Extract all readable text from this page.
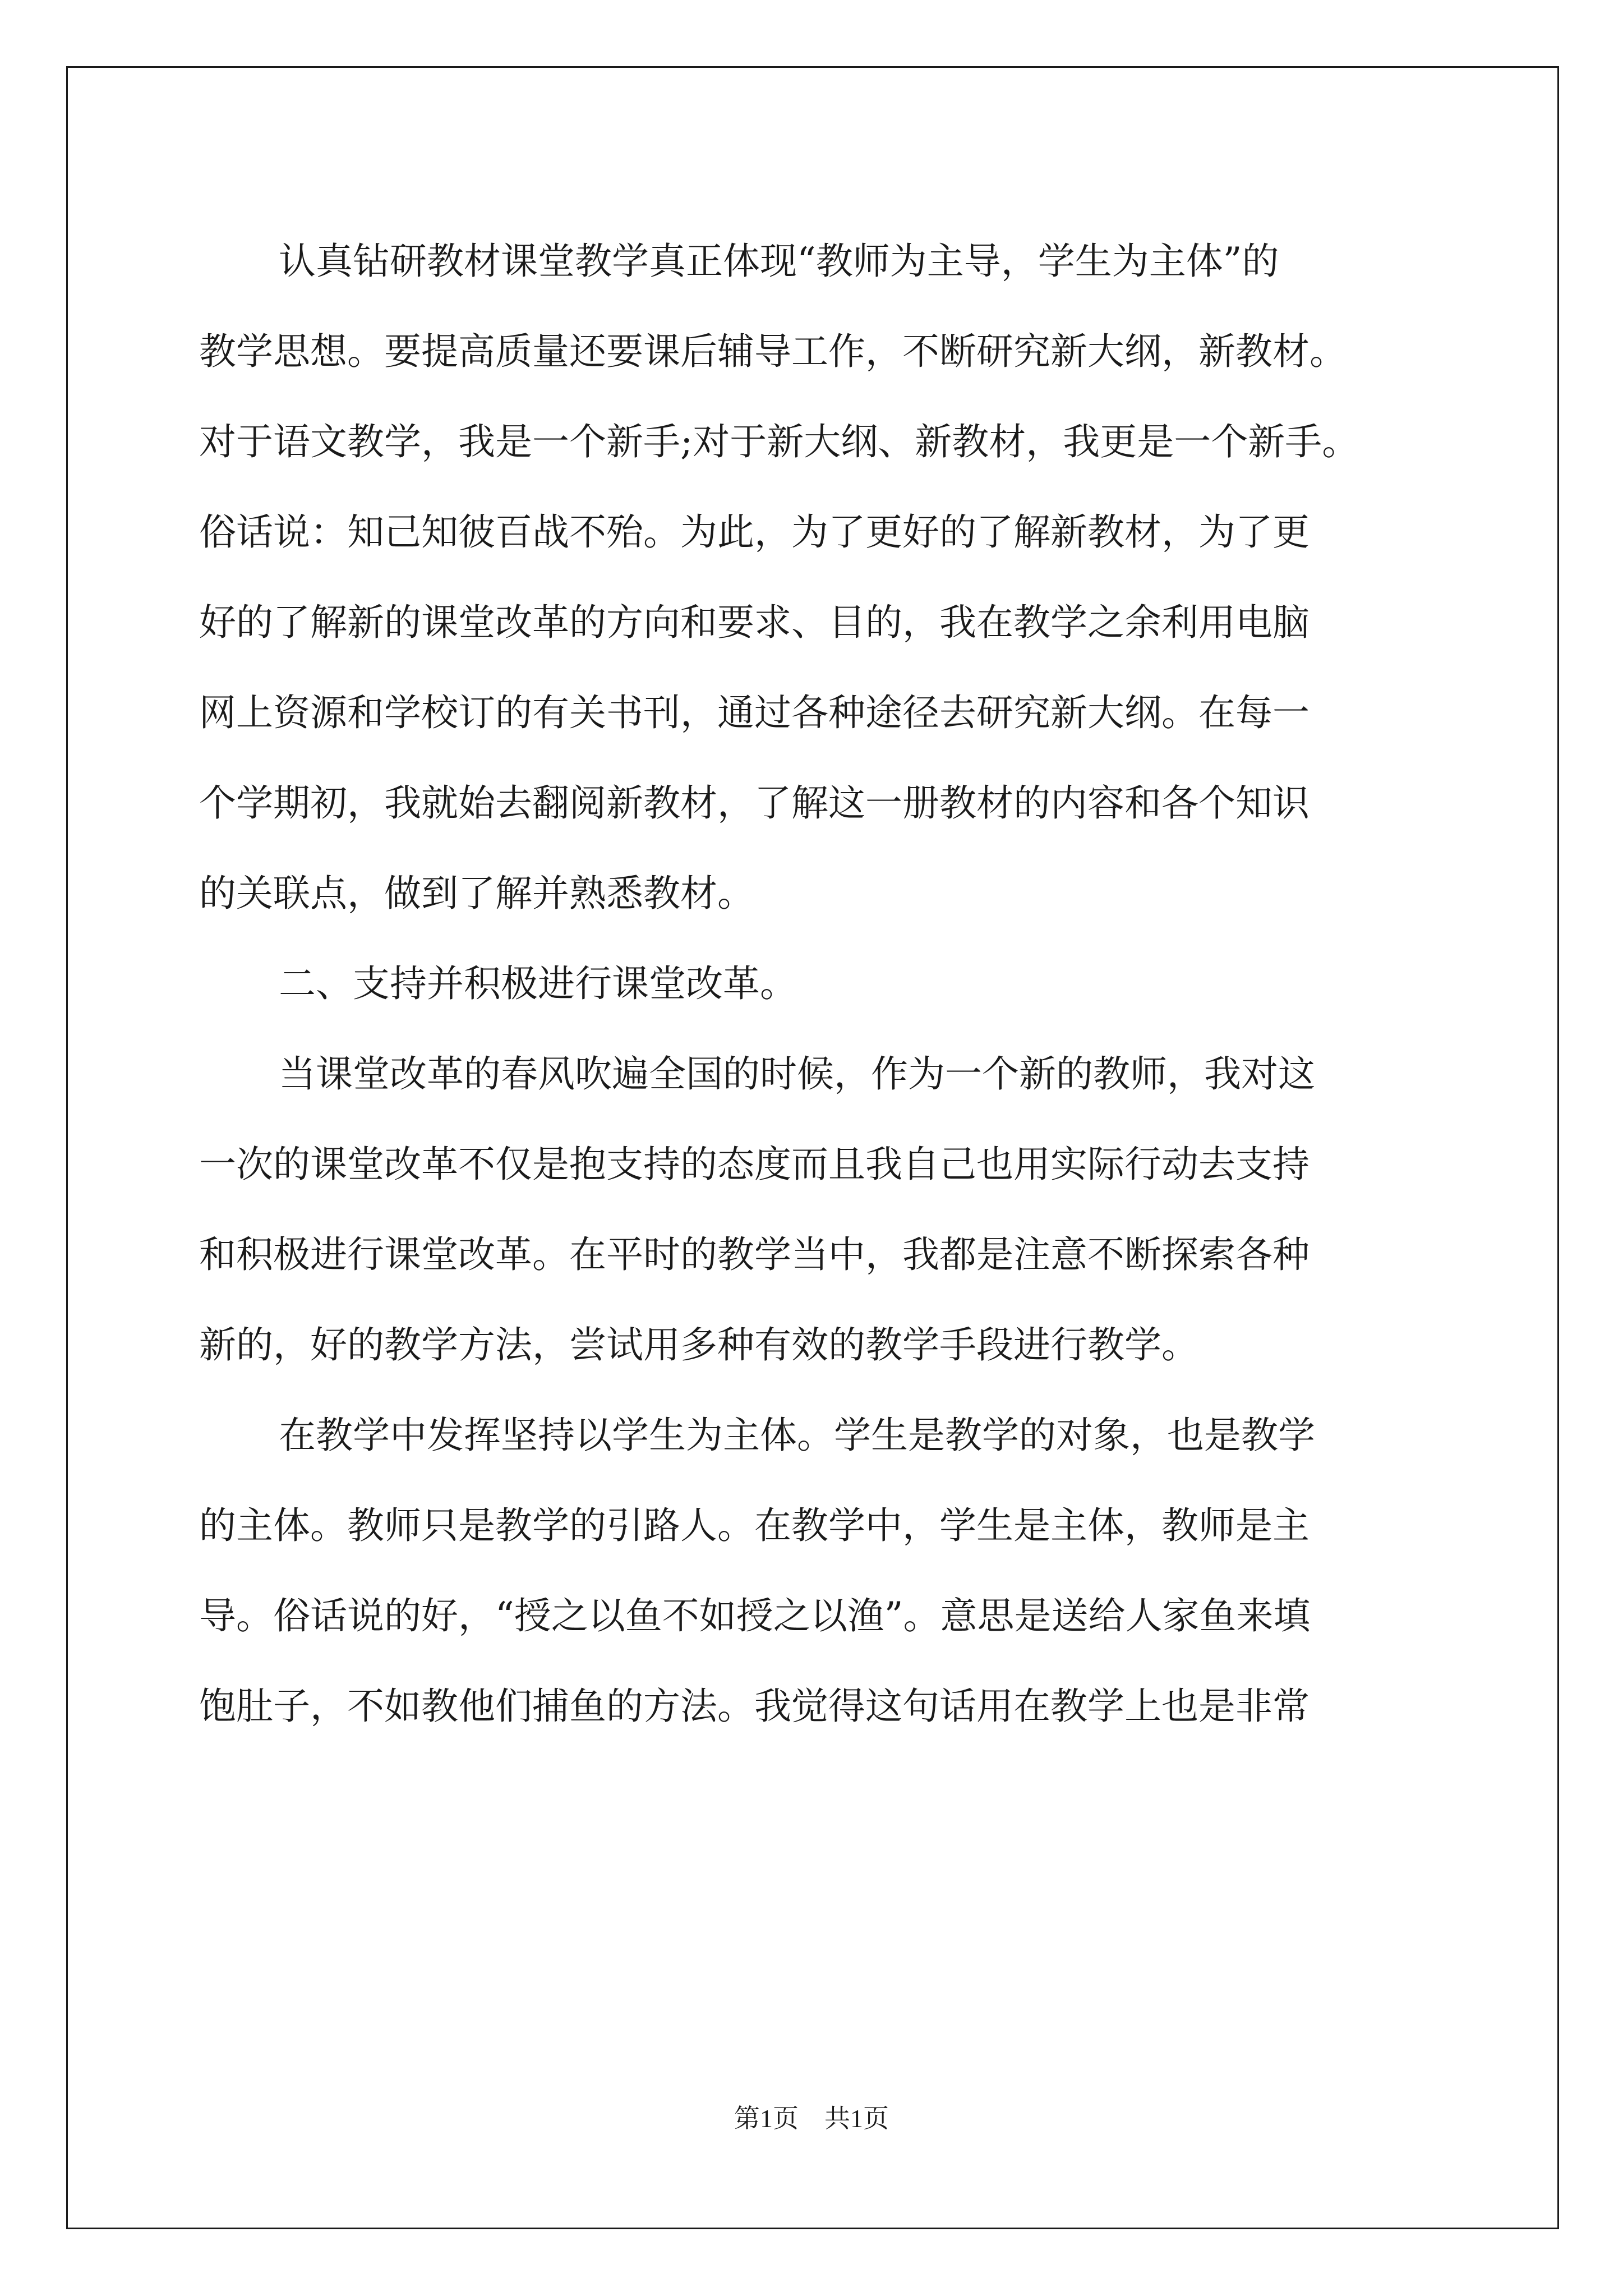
认真钻研教材课堂教学真正体现“教师为主导，学生为主体”的
教学思想。要提高质量还要课后辅导工作，不断研究新大纲，新教材。
对于语文教学，我是一个新手;对于新大纲、新教材，我更是一个新手。
俗话说：知己知彼百战不殆。为此，为了更好的了解新教材，为了更
好的了解新的课堂改革的方向和要求、目的，我在教学之余利用电脑
网上资源和学校订的有关书刊，通过各种途径去研究新大纲。在每一
个学期初，我就始去翻阅新教材，了解这一册教材的内容和各个知识
的关联点，做到了解并熟悉教材。
二、支持并积极进行课堂改革。
当课堂改革的春风吹遍全国的时候，作为一个新的教师，我对这
一次的课堂改革不仅是抱支持的态度而且我自己也用实际行动去支持
和积极进行课堂改革。在平时的教学当中，我都是注意不断探索各种
新的，好的教学方法，尝试用多种有效的教学手段进行教学。
在教学中发挥坚持以学生为主体。学生是教学的对象，也是教学
的主体。教师只是教学的引路人。在教学中，学生是主体，教师是主
导。俗话说的好，“授之以鱼不如授之以渔”。意思是送给人家鱼来填
饱肚子，不如教他们捕鱼的方法。我觉得这句话用在教学上也是非常
第1页 共1页
